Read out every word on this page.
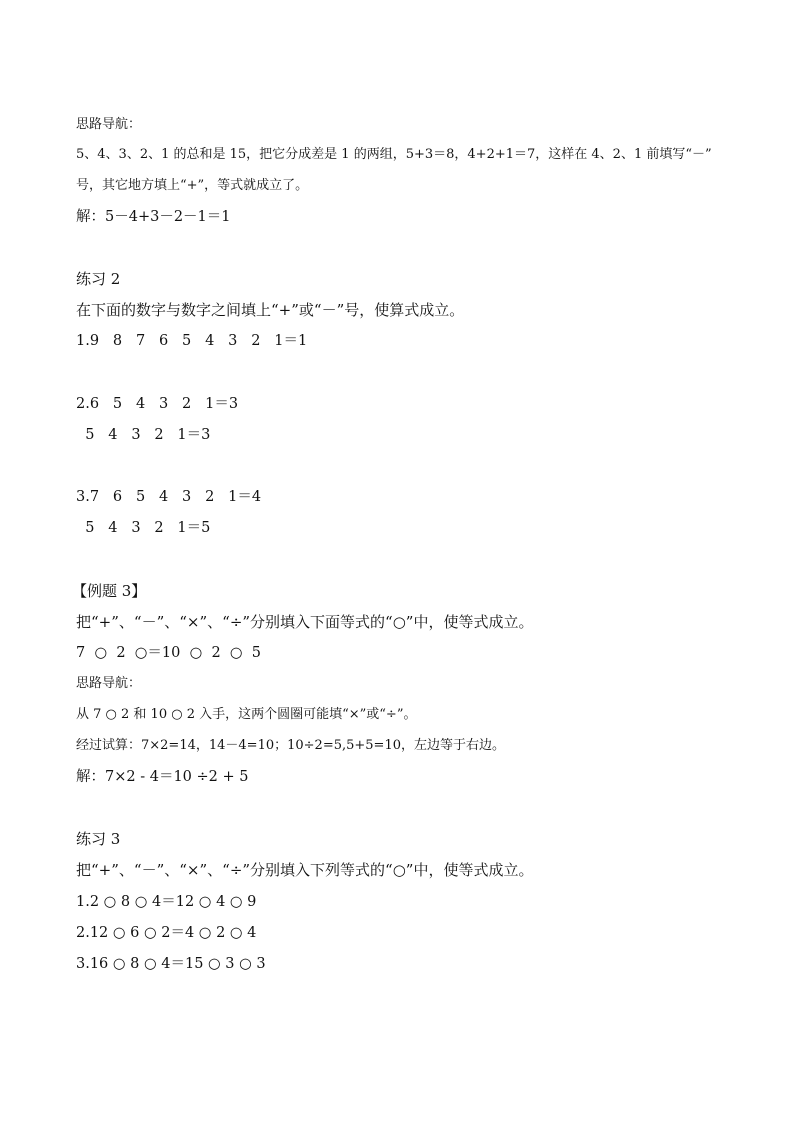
思路导航：
5、4、3、2、1 的总和是 15，把它分成差是 1 的两组，5+3＝8，4+2+1＝7，这样在 4、2、1 前填写“－”
号，其它地方填上“+”，等式就成立了。
解：5－4+3－2－1＝1
练习 2
在下面的数字与数字之间填上“+”或“－”号，使算式成立。
1.9   8   7   6   5   4   3   2   1＝1
2.6   5   4   3   2   1＝3
5   4   3   2   1＝3
3.7   6   5   4   3   2   1＝4
5   4   3   2   1＝5
【例题 3】
把“+”、“－”、“×”、“÷”分别填入下面等式的“○”中，使等式成立。
7  ○  2  ○＝10  ○  2  ○  5
思路导航：
从 7 ○ 2 和 10 ○ 2 入手，这两个圆圈可能填“×”或“÷”。
经过试算：7×2=14，14－4=10；10÷2=5,5+5=10，左边等于右边。
解：7×2 - 4＝10 ÷2 + 5
练习 3
把“+”、“－”、“×”、“÷”分别填入下列等式的“○”中，使等式成立。
1.2 ○ 8 ○ 4＝12 ○ 4 ○ 9
2.12 ○ 6 ○ 2＝4 ○ 2 ○ 4
3.16 ○ 8 ○ 4＝15 ○ 3 ○ 3
